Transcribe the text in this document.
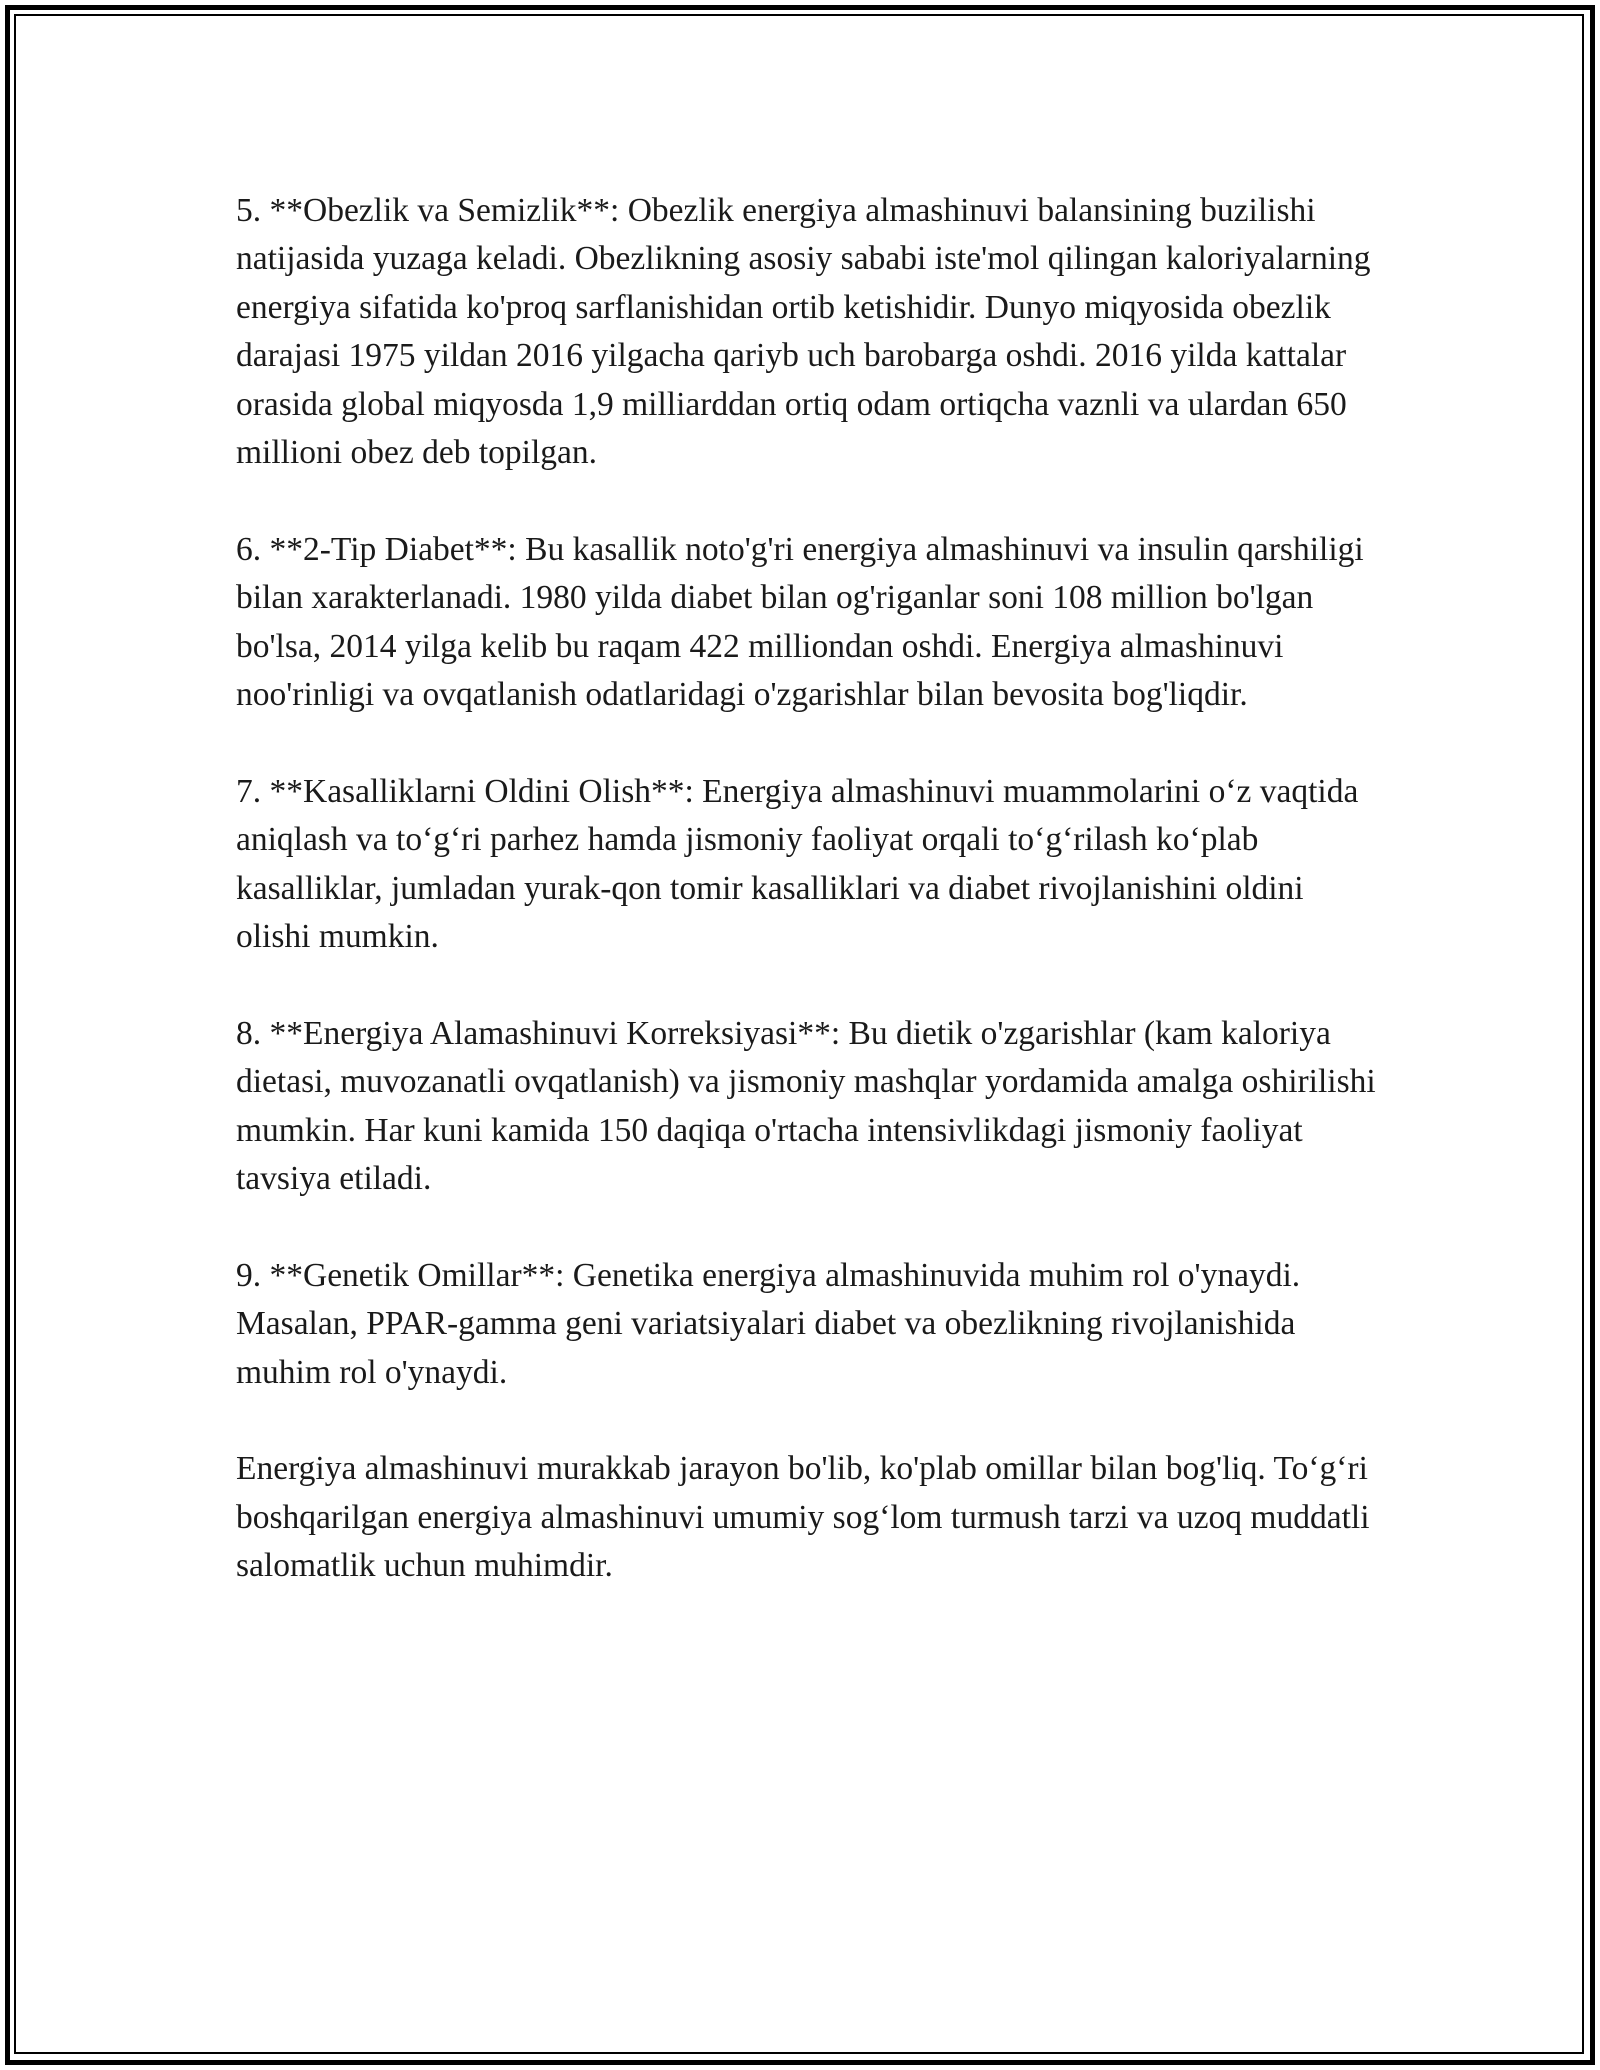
5. **Obezlik va Semizlik**: Obezlik energiya almashinuvi balansining buzilishi natijasida yuzaga keladi. Obezlikning asosiy sababi iste'mol qilingan kaloriyalarning energiya sifatida ko'proq sarflanishidan ortib ketishidir. Dunyo miqyosida obezlik darajasi 1975 yildan 2016 yilgacha qariyb uch barobarga oshdi. 2016 yilda kattalar orasida global miqyosda 1,9 milliarddan ortiq odam ortiqcha vaznli va ulardan 650 millioni obez deb topilgan.

6. **2-Tip Diabet**: Bu kasallik noto'g'ri energiya almashinuvi va insulin qarshiligi bilan xarakterlanadi. 1980 yilda diabet bilan og'riganlar soni 108 million bo'lgan bo'lsa, 2014 yilga kelib bu raqam 422 milliondan oshdi. Energiya almashinuvi noo'rinligi va ovqatlanish odatlaridagi o'zgarishlar bilan bevosita bog'liqdir.

7. **Kasalliklarni Oldini Olish**: Energiya almashinuvi muammolarini o‘z vaqtida aniqlash va to‘g‘ri parhez hamda jismoniy faoliyat orqali to‘g‘rilash ko‘plab kasalliklar, jumladan yurak-qon tomir kasalliklari va diabet rivojlanishini oldini olishi mumkin.

8. **Energiya Alamashinuvi Korreksiyasi**: Bu dietik o'zgarishlar (kam kaloriya dietasi, muvozanatli ovqatlanish) va jismoniy mashqlar yordamida amalga oshirilishi mumkin. Har kuni kamida 150 daqiqa o'rtacha intensivlikdagi jismoniy faoliyat tavsiya etiladi.

9. **Genetik Omillar**: Genetika energiya almashinuvida muhim rol o'ynaydi. Masalan, PPAR-gamma geni variatsiyalari diabet va obezlikning rivojlanishida muhim rol o'ynaydi.

Energiya almashinuvi murakkab jarayon bo'lib, ko'plab omillar bilan bog'liq. To‘g‘ri boshqarilgan energiya almashinuvi umumiy sog‘lom turmush tarzi va uzoq muddatli salomatlik uchun muhimdir.
